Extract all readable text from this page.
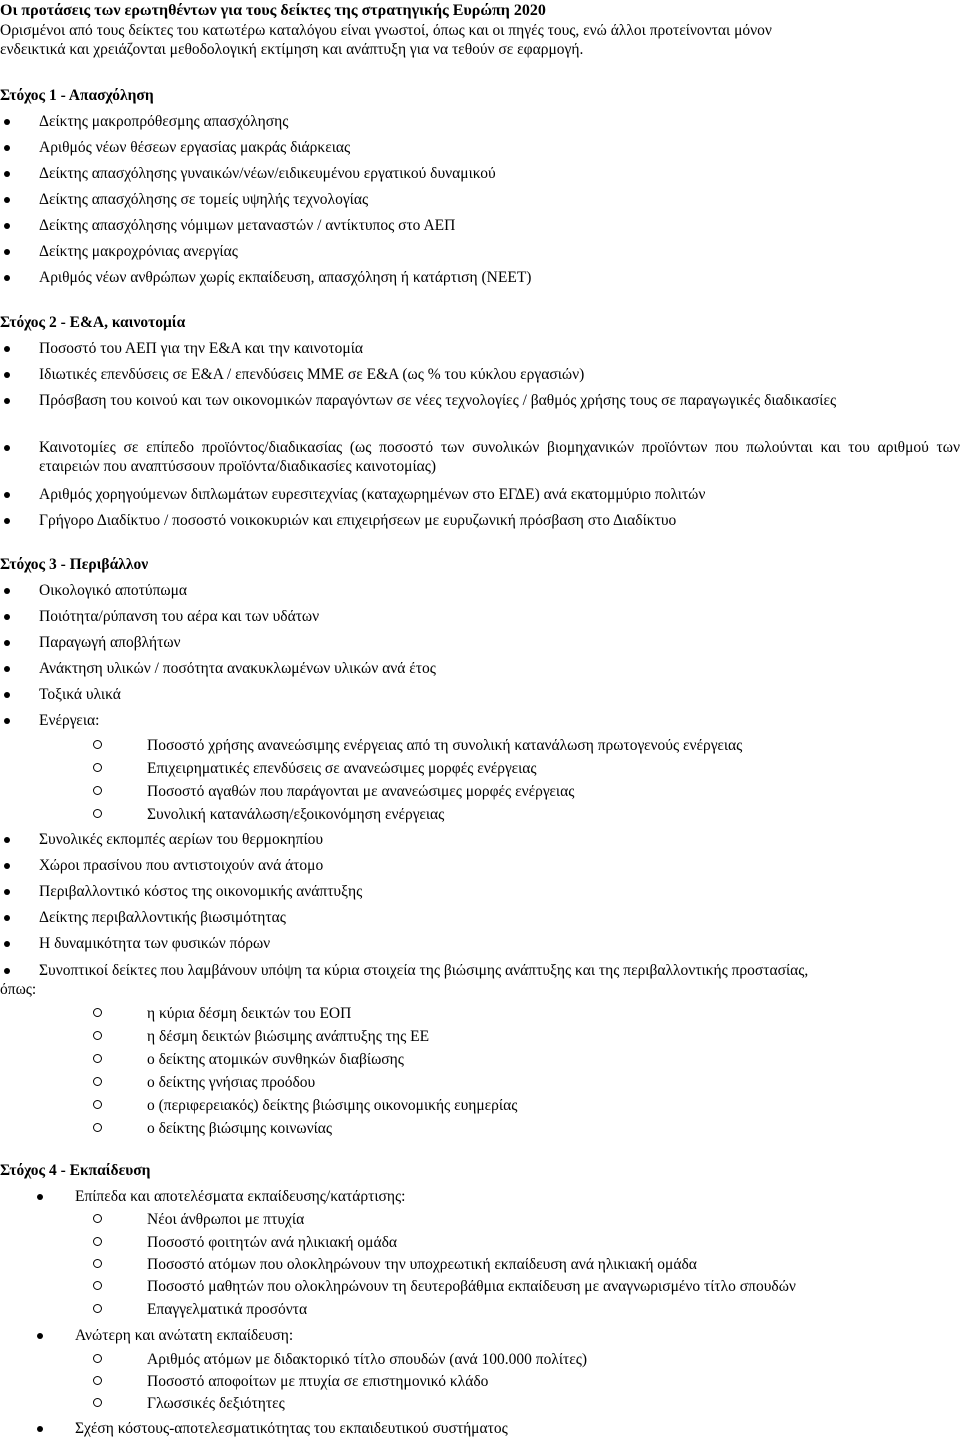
Οι προτάσεις των ερωτηθέντων για τους δείκτες της στρατηγικής Ευρώπη 2020
Ορισμένοι από τους δείκτες του κατωτέρω καταλόγου είναι γνωστοί, όπως και οι πηγές τους, ενώ άλλοι προτείνονται μόνον
ενδεικτικά και χρειάζονται μεθοδολογική εκτίμηση και ανάπτυξη για να τεθούν σε εφαρμογή.
Στόχος 1 - Απασχόληση
Δείκτης μακροπρόθεσμης απασχόλησης
Αριθμός νέων θέσεων εργασίας μακράς διάρκειας
Δείκτης απασχόλησης γυναικών/νέων/ειδικευμένου εργατικού δυναμικού
Δείκτης απασχόλησης σε τομείς υψηλής τεχνολογίας
Δείκτης απασχόλησης νόμιμων μεταναστών / αντίκτυπος στο ΑΕΠ
Δείκτης μακροχρόνιας ανεργίας
Αριθμός νέων ανθρώπων χωρίς εκπαίδευση, απασχόληση ή κατάρτιση (NEET)
Στόχος 2 - Ε&Α, καινοτομία
Ποσοστό του ΑΕΠ για την Ε&Α και την καινοτομία
Ιδιωτικές επενδύσεις σε Ε&Α / επενδύσεις ΜΜΕ σε Ε&Α (ως % του κύκλου εργασιών)
Πρόσβαση του κοινού και των οικονομικών παραγόντων σε νέες τεχνολογίες / βαθμός χρήσης τους σε παραγωγικές διαδικασίες
Καινοτομίες σε επίπεδο προϊόντος/διαδικασίας (ως ποσοστό των συνολικών βιομηχανικών προϊόντων που πωλούνται και του αριθμού των εταιρειών που αναπτύσσουν προϊόντα/διαδικασίες καινοτομίας)
Αριθμός χορηγούμενων διπλωμάτων ευρεσιτεχνίας (καταχωρημένων στο ΕΓΔΕ) ανά εκατομμύριο πολιτών
Γρήγορο Διαδίκτυο / ποσοστό νοικοκυριών και επιχειρήσεων με ευρυζωνική πρόσβαση στο Διαδίκτυο
Στόχος 3 - Περιβάλλον
Οικολογικό αποτύπωμα
Ποιότητα/ρύπανση του αέρα και των υδάτων
Παραγωγή αποβλήτων
Ανάκτηση υλικών / ποσότητα ανακυκλωμένων υλικών ανά έτος
Τοξικά υλικά
Ενέργεια:
Ποσοστό χρήσης ανανεώσιμης ενέργειας από τη συνολική κατανάλωση πρωτογενούς ενέργειας
Επιχειρηματικές επενδύσεις σε ανανεώσιμες μορφές ενέργειας
Ποσοστό αγαθών που παράγονται με ανανεώσιμες μορφές ενέργειας
Συνολική κατανάλωση/εξοικονόμηση ενέργειας
Συνολικές εκπομπές αερίων του θερμοκηπίου
Χώροι πρασίνου που αντιστοιχούν ανά άτομο
Περιβαλλοντικό κόστος της οικονομικής ανάπτυξης
Δείκτης περιβαλλοντικής βιωσιμότητας
Η δυναμικότητα των φυσικών πόρων
Συνοπτικοί δείκτες που λαμβάνουν υπόψη τα κύρια στοιχεία της βιώσιμης ανάπτυξης και της περιβαλλοντικής προστασίας,
όπως:
η κύρια δέσμη δεικτών του ΕΟΠ
η δέσμη δεικτών βιώσιμης ανάπτυξης της ΕΕ
ο δείκτης ατομικών συνθηκών διαβίωσης
ο δείκτης γνήσιας προόδου
ο (περιφερειακός) δείκτης βιώσιμης οικονομικής ευημερίας
ο δείκτης βιώσιμης κοινωνίας
Στόχος 4 - Εκπαίδευση
Επίπεδα και αποτελέσματα εκπαίδευσης/κατάρτισης:
Νέοι άνθρωποι με πτυχία
Ποσοστό φοιτητών ανά ηλικιακή ομάδα
Ποσοστό ατόμων που ολοκληρώνουν την υποχρεωτική εκπαίδευση ανά ηλικιακή ομάδα
Ποσοστό μαθητών που ολοκληρώνουν τη δευτεροβάθμια εκπαίδευση με αναγνωρισμένο τίτλο σπουδών
Επαγγελματικά προσόντα
Ανώτερη και ανώτατη εκπαίδευση:
Αριθμός ατόμων με διδακτορικό τίτλο σπουδών (ανά 100.000 πολίτες)
Ποσοστό αποφοίτων με πτυχία σε επιστημονικό κλάδο
Γλωσσικές δεξιότητες
Σχέση κόστους-αποτελεσματικότητας του εκπαιδευτικού συστήματος
